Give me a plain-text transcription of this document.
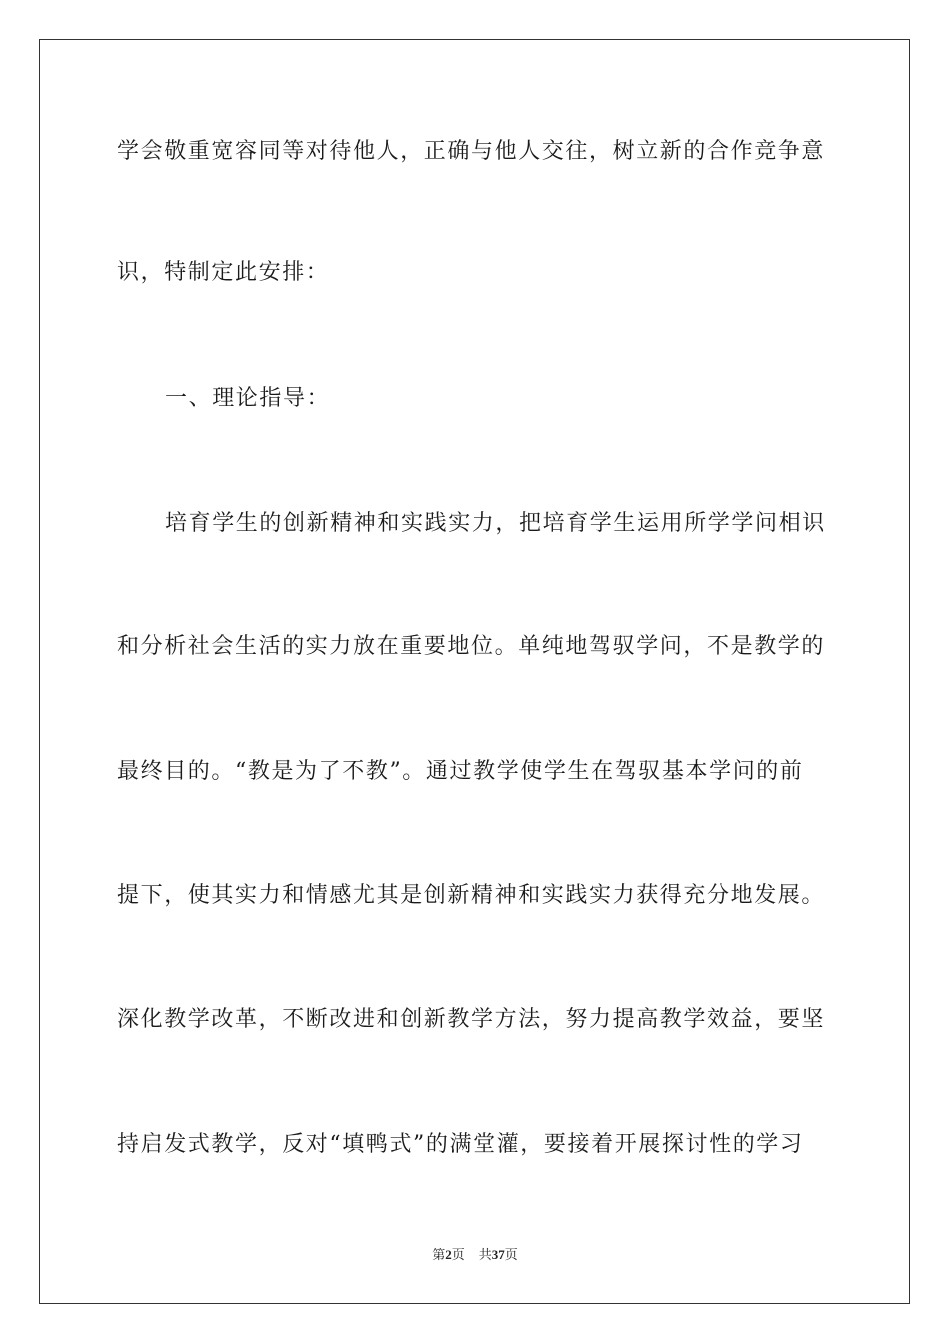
学会敬重宽容同等对待他人，正确与他人交往，树立新的合作竞争意
识，特制定此安排：
一、理论指导：
培育学生的创新精神和实践实力，把培育学生运用所学学问相识
和分析社会生活的实力放在重要地位。单纯地驾驭学问，不是教学的
最终目的。“教是为了不教”。通过教学使学生在驾驭基本学问的前
提下，使其实力和情感尤其是创新精神和实践实力获得充分地发展。
深化教学改革，不断改进和创新教学方法，努力提高教学效益，要坚
持启发式教学，反对“填鸭式”的满堂灌，要接着开展探讨性的学习
第2页 共37页
